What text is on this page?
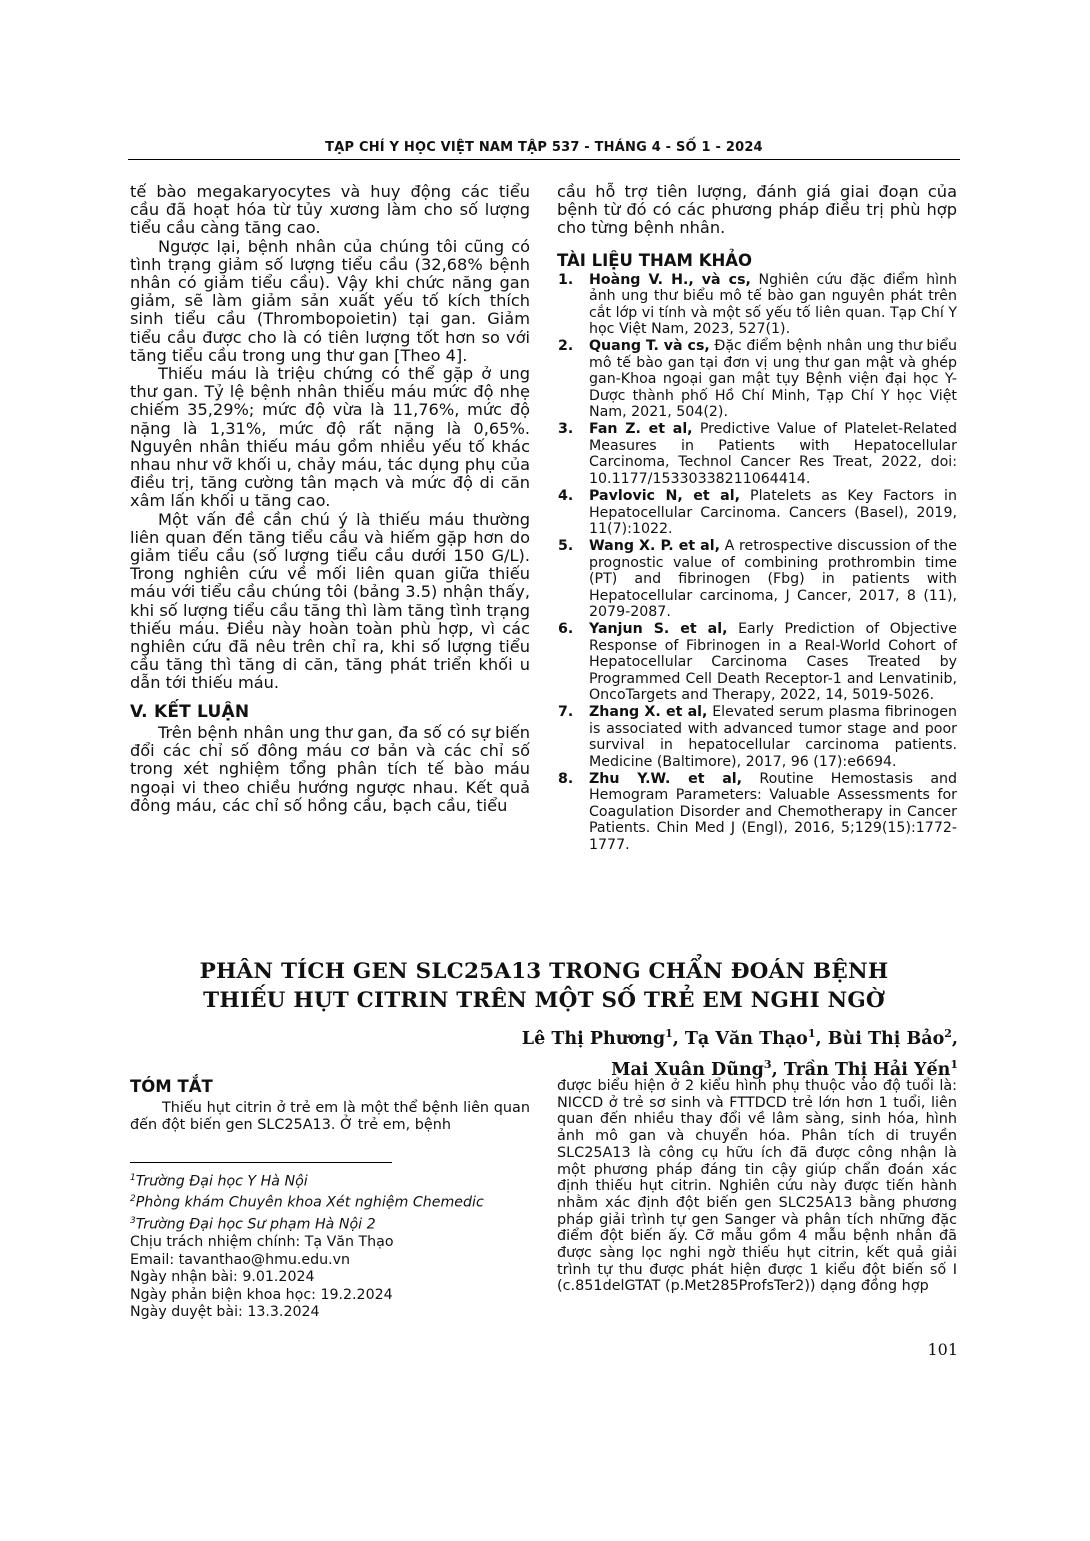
TẠP CHÍ Y HỌC VIỆT NAM TẬP 537 - THÁNG 4 - SỐ 1 - 2024

tế bào megakaryocytes và huy động các tiểu cầu đã hoạt hóa từ tủy xương làm cho số lượng tiểu cầu càng tăng cao.

Ngược lại, bệnh nhân của chúng tôi cũng có tình trạng giảm số lượng tiểu cầu (32,68% bệnh nhân có giảm tiểu cầu). Vậy khi chức năng gan giảm, sẽ làm giảm sản xuất yếu tố kích thích sinh tiểu cầu (Thrombopoietin) tại gan. Giảm tiểu cầu được cho là có tiên lượng tốt hơn so với tăng tiểu cầu trong ung thư gan [Theo 4].

Thiếu máu là triệu chứng có thể gặp ở ung thư gan. Tỷ lệ bệnh nhân thiếu máu mức độ nhẹ chiếm 35,29%; mức độ vừa là 11,76%, mức độ nặng là 1,31%, mức độ rất nặng là 0,65%. Nguyên nhân thiếu máu gồm nhiều yếu tố khác nhau như vỡ khối u, chảy máu, tác dụng phụ của điều trị, tăng cường tân mạch và mức độ di căn xâm lấn khối u tăng cao.

Một vấn đề cần chú ý là thiếu máu thường liên quan đến tăng tiểu cầu và hiếm gặp hơn do giảm tiểu cầu (số lượng tiểu cầu dưới 150 G/L). Trong nghiên cứu về mối liên quan giữa thiếu máu với tiểu cầu chúng tôi (bảng 3.5) nhận thấy, khi số lượng tiểu cầu tăng thì làm tăng tình trạng thiếu máu. Điều này hoàn toàn phù hợp, vì các nghiên cứu đã nêu trên chỉ ra, khi số lượng tiểu cầu tăng thì tăng di căn, tăng phát triển khối u dẫn tới thiếu máu.

V. KẾT LUẬN

Trên bệnh nhân ung thư gan, đa số có sự biến đổi các chỉ số đông máu cơ bản và các chỉ số trong xét nghiệm tổng phân tích tế bào máu ngoại vi theo chiều hướng ngược nhau. Kết quả đông máu, các chỉ số hồng cầu, bạch cầu, tiểu

cầu hỗ trợ tiên lượng, đánh giá giai đoạn của bệnh từ đó có các phương pháp điều trị phù hợp cho từng bệnh nhân.

TÀI LIỆU THAM KHẢO
1. Hoàng V. H., và cs, Nghiên cứu đặc điểm hình ảnh ung thư biểu mô tế bào gan nguyên phát trên cắt lớp vi tính và một số yếu tố liên quan. Tạp Chí Y học Việt Nam, 2023, 527(1).
2. Quang T. và cs, Đặc điểm bệnh nhân ung thư biểu mô tế bào gan tại đơn vị ung thư gan mật và ghép gan-Khoa ngoại gan mật tụy Bệnh viện đại học Y-Dược thành phố Hồ Chí Minh, Tạp Chí Y học Việt Nam, 2021, 504(2).
3. Fan Z. et al, Predictive Value of Platelet-Related Measures in Patients with Hepatocellular Carcinoma, Technol Cancer Res Treat, 2022, doi: 10.1177/15330338211064414.
4. Pavlovic N, et al, Platelets as Key Factors in Hepatocellular Carcinoma. Cancers (Basel), 2019, 11(7):1022.
5. Wang X. P. et al, A retrospective discussion of the prognostic value of combining prothrombin time (PT) and fibrinogen (Fbg) in patients with Hepatocellular carcinoma, J Cancer, 2017, 8 (11), 2079-2087.
6. Yanjun S. et al, Early Prediction of Objective Response of Fibrinogen in a Real-World Cohort of Hepatocellular Carcinoma Cases Treated by Programmed Cell Death Receptor-1 and Lenvatinib, OncoTargets and Therapy, 2022, 14, 5019-5026.
7. Zhang X. et al, Elevated serum plasma fibrinogen is associated with advanced tumor stage and poor survival in hepatocellular carcinoma patients. Medicine (Baltimore), 2017, 96 (17):e6694.
8. Zhu Y.W. et al, Routine Hemostasis and Hemogram Parameters: Valuable Assessments for Coagulation Disorder and Chemotherapy in Cancer Patients. Chin Med J (Engl), 2016, 5;129(15):1772-1777.
PHÂN TÍCH GEN SLC25A13 TRONG CHẨN ĐOÁN BỆNH
THIẾU HỤT CITRIN TRÊN MỘT SỐ TRẺ EM NGHI NGỜ
Lê Thị Phương$^1$, Tạ Văn Thạo$^1$, Bùi Thị Bảo$^2$,
Mai Xuân Dũng$^3$, Trần Thị Hải Yến$^1$
TÓM TẮT

Thiếu hụt citrin ở trẻ em là một thể bệnh liên quan đến đột biến gen SLC25A13. Ở trẻ em, bệnh

được biểu hiện ở 2 kiểu hình phụ thuộc vào độ tuổi là: NICCD ở trẻ sơ sinh và FTTDCD trẻ lớn hơn 1 tuổi, liên quan đến nhiều thay đổi về lâm sàng, sinh hóa, hình ảnh mô gan và chuyển hóa. Phân tích di truyền SLC25A13 là công cụ hữu ích đã được công nhận là một phương pháp đáng tin cậy giúp chẩn đoán xác định thiếu hụt citrin. Nghiên cứu này được tiến hành nhằm xác định đột biến gen SLC25A13 bằng phương pháp giải trình tự gen Sanger và phân tích những đặc điểm đột biến ấy. Cỡ mẫu gồm 4 mẫu bệnh nhân đã được sàng lọc nghi ngờ thiếu hụt citrin, kết quả giải trình tự thu được phát hiện được 1 kiểu đột biến số I (c.851delGTAT (p.Met285ProfsTer2)) dạng đồng hợp

$^1$Trường Đại học Y Hà Nội
$^2$Phòng khám Chuyên khoa Xét nghiệm Chemedic
$^3$Trường Đại học Sư phạm Hà Nội 2
Chịu trách nhiệm chính: Tạ Văn Thạo
Email: tavanthao@hmu.edu.vn
Ngày nhận bài: 9.01.2024
Ngày phản biện khoa học: 19.2.2024
Ngày duyệt bài: 13.3.2024
101
